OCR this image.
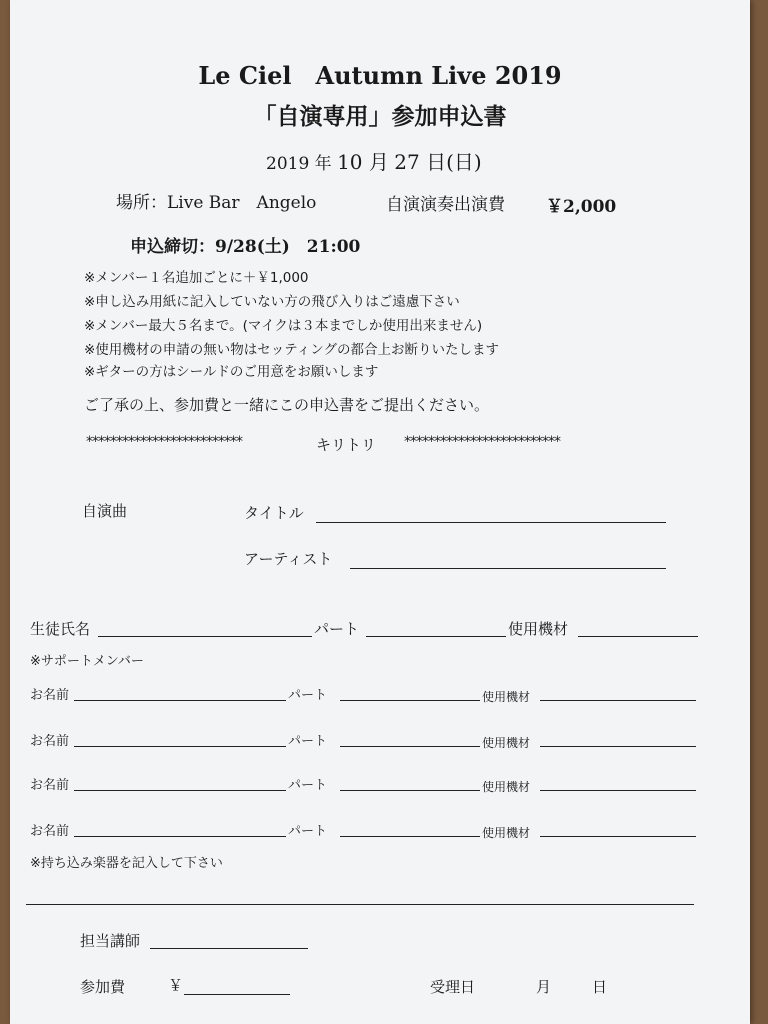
Le Ciel　Autumn Live 2019
「自演専用」参加申込書
2019 年 10 月 27 日(日)
場所：Live Bar　Angelo	自演演奏出演費 ￥2,000
申込締切：9/28(土)　21:00
※メンバー１名追加ごとに＋￥1,000
※申し込み用紙に記入していない方の飛び入りはご遠慮下さい
※メンバー最大５名まで。(マイクは３本までしか使用出来ません)
※使用機材の申請の無い物はセッティングの都合上お断りいたします
※ギターの方はシールドのご用意をお願いします
ご了承の上、参加費と一緒にこの申込書をご提出ください。
**************************	キリトリ **************************
自演曲	タイトル
アーティスト
生徒氏名	パート	使用機材
※サポートメンバー
お名前	パート	使用機材
お名前	パート	使用機材
お名前	パート	使用機材
お名前	パート	使用機材
※持ち込み楽器を記入して下さい
担当講師
参加費	￥	受理日	月	日
